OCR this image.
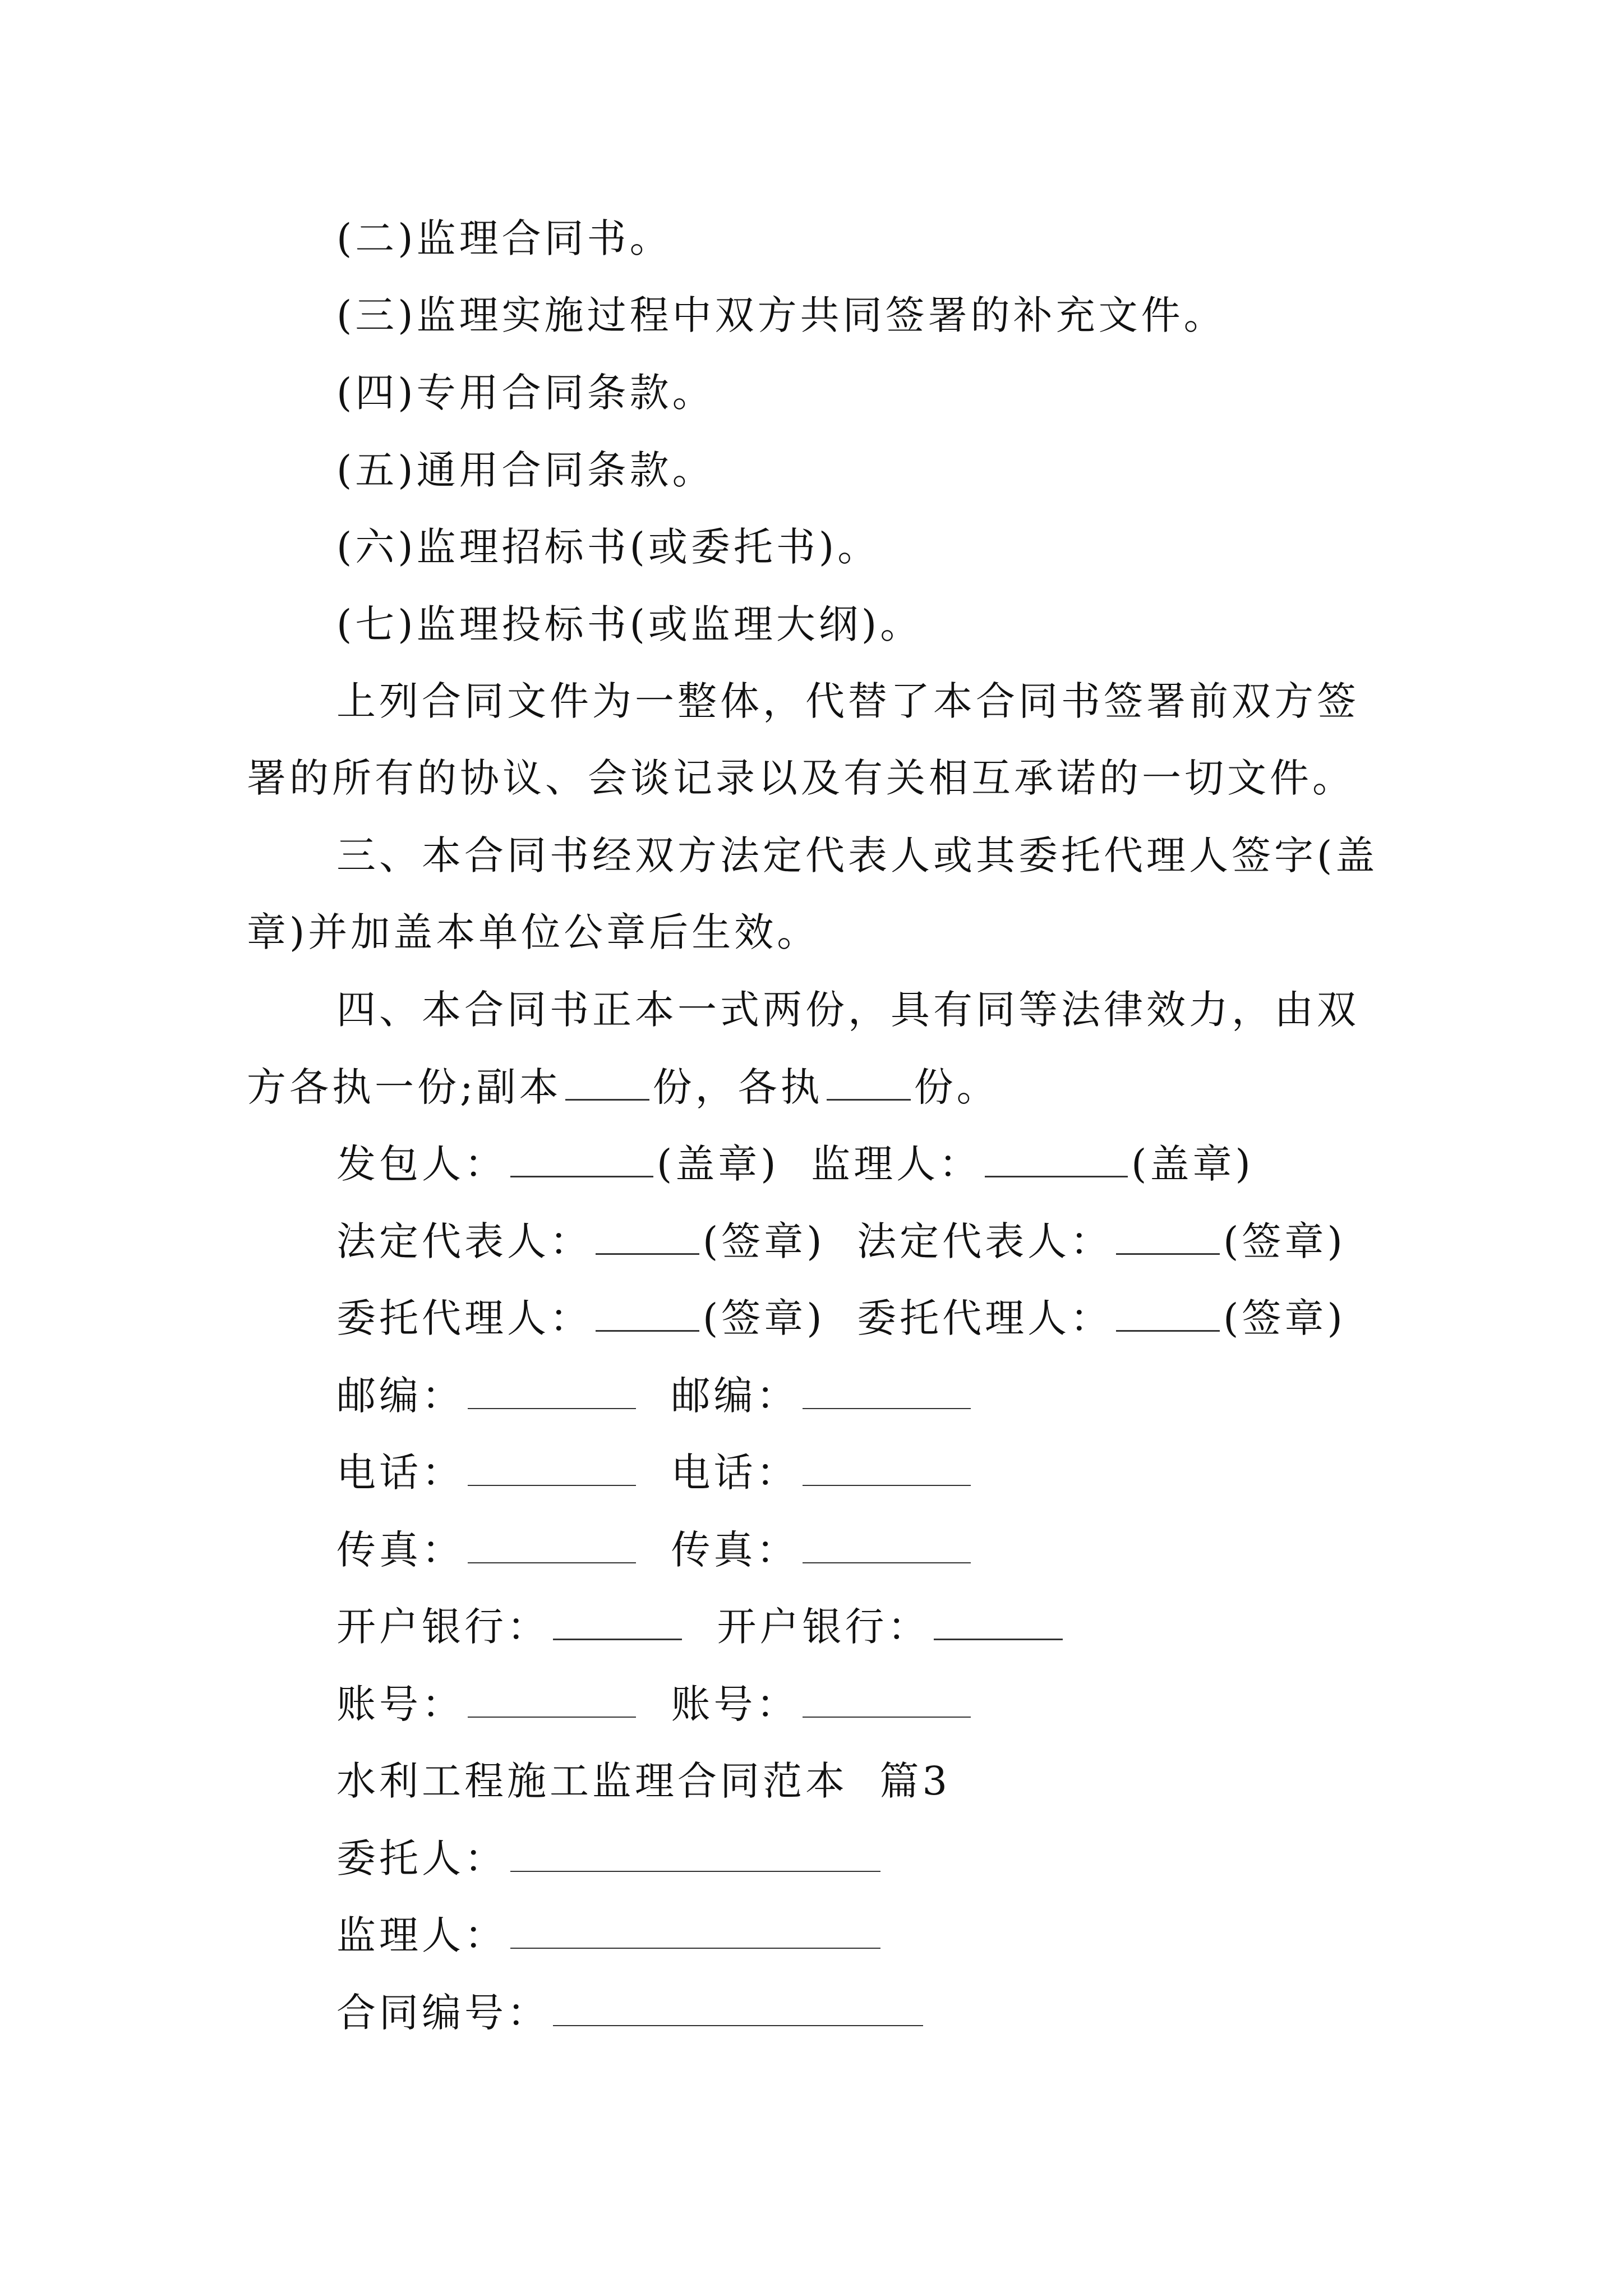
(二)监理合同书。
(三)监理实施过程中双方共同签署的补充文件。
(四)专用合同条款。
(五)通用合同条款。
(六)监理招标书(或委托书)。
(七)监理投标书(或监理大纲)。
上列合同文件为一整体，代替了本合同书签署前双方签
署的所有的协议、会谈记录以及有关相互承诺的一切文件。
三、本合同书经双方法定代表人或其委托代理人签字(盖
章)并加盖本单位公章后生效。
四、本合同书正本一式两份，具有同等法律效力，由双
方各执一份;副本 份，各执 份。
发包人：	(盖章) 监理人：	(盖章)
法定代表人：	(签章) 法定代表人：	(签章)
委托代理人：	(签章) 委托代理人：	(签章)
邮编：	邮编：
电话：	电话：
传真：	传真：
开户银行：	开户银行：
账号：	账号：
水利工程施工监理合同范本  篇3
委托人：
监理人：
合同编号：
